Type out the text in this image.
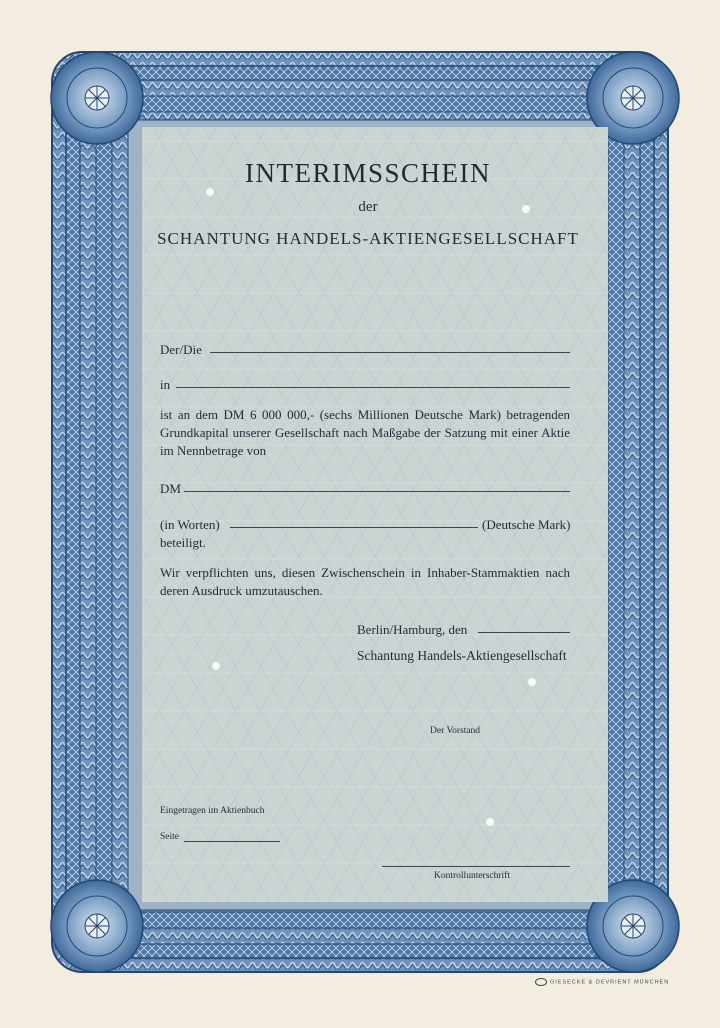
INTERIMSSCHEIN
der
SCHANTUNG HANDELS-AKTIENGESELLSCHAFT
Der/Die
in
ist an dem DM 6 000 000,- (sechs Millionen Deutsche Mark) betragenden Grundkapital unserer Gesellschaft nach Maßgabe der Satzung mit einer Aktie im Nennbetrage von
DM
(in Worten)	(Deutsche Mark)
beteiligt.
Wir verpflichten uns, diesen Zwischenschein in Inhaber-Stammaktien nach deren Ausdruck umzutauschen.
Berlin/Hamburg, den
Schantung Handels-Aktiengesellschaft
Der Vorstand
Eingetragen im Aktienbuch
Seite
Kontrollunterschrift
GIESECKE & DEVRIENT MÜNCHEN
